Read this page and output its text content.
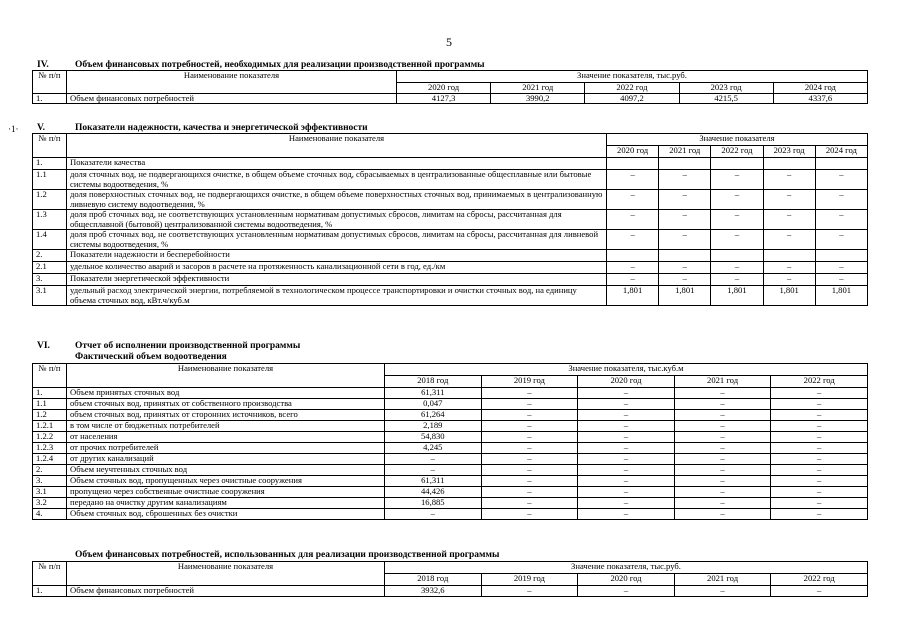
5
·1·
IV.	Объем финансовых потребностей, необходимых для реализации производственной программы
№ п/п	Наименование показателя	Значение показателя, тыс.руб.				
		2020 год	2021 год	2022 год	2023 год	2024 год
1.	Объем финансовых потребностей	4127,3	3990,2	4097,2	4215,5	4337,6
V.	Показатели надежности, качества и энергетической эффективности
№ п/п	Наименование показателя	Значение показателя				
		2020 год	2021 год	2022 год	2023 год	2024 год
1.	Показатели качества					
1.1	доля сточных вод, не подвергающихся очистке, в общем объеме сточных вод, сбрасываемых в централизованные общесплавные или бытовые системы водоотведения, %	–	–	–	–	–
1.2	доля поверхностных сточных вод, не подвергающихся очистке, в общем объеме поверхностных сточных вод, принимаемых в централизованную ливневую систему водоотведения, %	–	–	–	–	–
1.3	доля проб сточных вод, не соответствующих установленным нормативам допустимых сбросов, лимитам на сбросы, рассчитанная для общесплавной (бытовой) централизованной системы водоотведения, %	–	–	–	–	–
1.4	доля проб сточных вод, не соответствующих установленным нормативам допустимых сбросов, лимитам на сбросы, рассчитанная для ливневой системы водоотведения, %	–	–	–	–	–
2.	Показатели надежности и бесперебойности					
2.1	удельное количество аварий и засоров в расчете на протяженность канализационной сети в год, ед./км	–	–	–	–	–
3.	Показатели энергетической эффективности	–	–	–	–	–
3.1	удельный расход электрической энергии, потребляемой в технологическом процессе транспортировки и очистки сточных вод, на единицу объема сточных вод, кВт.ч/куб.м	1,801	1,801	1,801	1,801	1,801
VI.	Отчет об исполнении производственной программы
Фактический объем водоотведения
№ п/п	Наименование показателя	Значение показателя, тыс.куб.м				
		2018 год	2019 год	2020 год	2021 год	2022 год
1.	Объем принятых сточных вод	61,311	–	–	–	–
1.1	объем сточных вод, принятых от собственного производства	0,047	–	–	–	–
1.2	объем сточных вод, принятых от сторонних источников, всего	61,264	–	–	–	–
1.2.1	в том числе от бюджетных потребителей	2,189	–	–	–	–
1.2.2	от населения	54,830	–	–	–	–
1.2.3	от прочих потребителей	4,245	–	–	–	–
1.2.4	от других канализаций	–	–	–	–	–
2.	Объем неучтенных сточных вод	–	–	–	–	–
3.	Объем сточных вод, пропущенных через очистные сооружения	61,311	–	–	–	–
3.1	пропущено через собственные очистные сооружения	44,426	–	–	–	–
3.2	передано на очистку другим канализациям	16,885	–	–	–	–
4.	Объем сточных вод, сброшенных без очистки	–	–	–	–	–
Объем финансовых потребностей, использованных для реализации производственной программы
№ п/п	Наименование показателя	Значение показателя, тыс.руб.				
		2018 год	2019 год	2020 год	2021 год	2022 год
1.	Объем финансовых потребностей	3932,6	–	–	–	–
